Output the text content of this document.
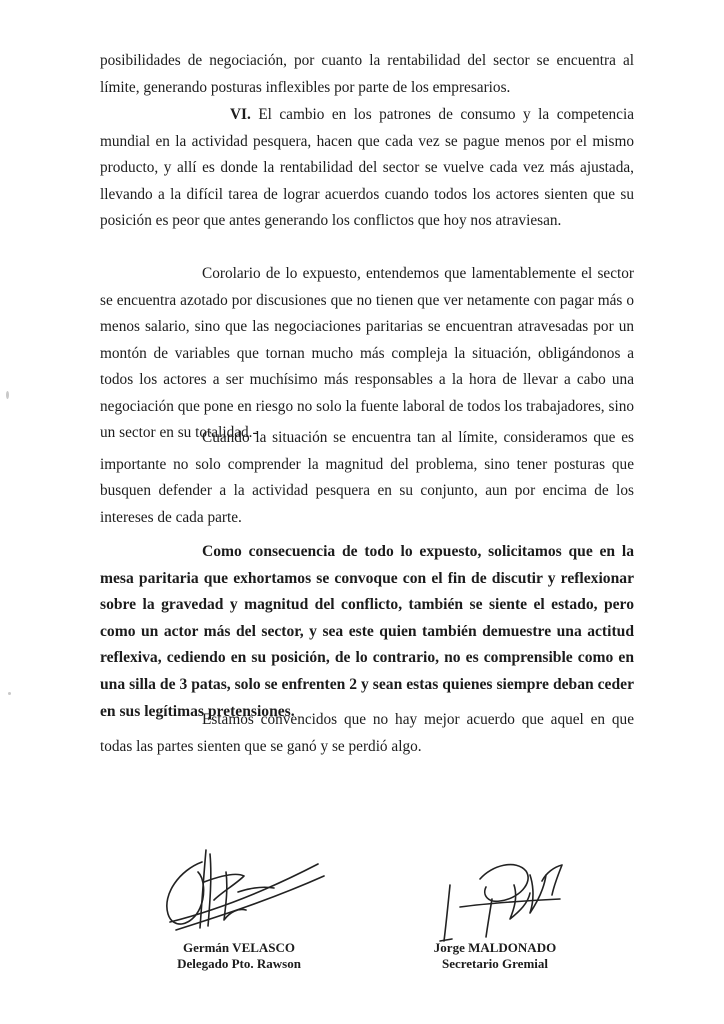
posibilidades de negociación, por cuanto la rentabilidad del sector se encuentra al límite, generando posturas inflexibles por parte de los empresarios.

VI. El cambio en los patrones de consumo y la competencia mundial en la actividad pesquera, hacen que cada vez se pague menos por el mismo producto, y allí es donde la rentabilidad del sector se vuelve cada vez más ajustada, llevando a la difícil tarea de lograr acuerdos cuando todos los actores sienten que su posición es peor que antes generando los conflictos que hoy nos atraviesan.

Corolario de lo expuesto, entendemos que lamentablemente el sector se encuentra azotado por discusiones que no tienen que ver netamente con pagar más o menos salario, sino que las negociaciones paritarias se encuentran atravesadas por un montón de variables que tornan mucho más compleja la situación, obligándonos a todos los actores a ser muchísimo más responsables a la hora de llevar a cabo una negociación que pone en riesgo no solo la fuente laboral de todos los trabajadores, sino un sector en su totalidad.-

Cuando la situación se encuentra tan al límite, consideramos que es importante no solo comprender la magnitud del problema, sino tener posturas que busquen defender a la actividad pesquera en su conjunto, aun por encima de los intereses de cada parte.

Como consecuencia de todo lo expuesto, solicitamos que en la mesa paritaria que exhortamos se convoque con el fin de discutir y reflexionar sobre la gravedad y magnitud del conflicto, también se siente el estado, pero como un actor más del sector, y sea este quien también demuestre una actitud reflexiva, cediendo en su posición, de lo contrario, no es comprensible como en una silla de 3 patas, solo se enfrenten 2 y sean estas quienes siempre deban ceder en sus legítimas pretensiones.

Estamos convencidos que no hay mejor acuerdo que aquel en que todas las partes sienten que se ganó y se perdió algo.

Germán VELASCO
Delegado Pto. Rawson
Jorge MALDONADO
Secretario Gremial
